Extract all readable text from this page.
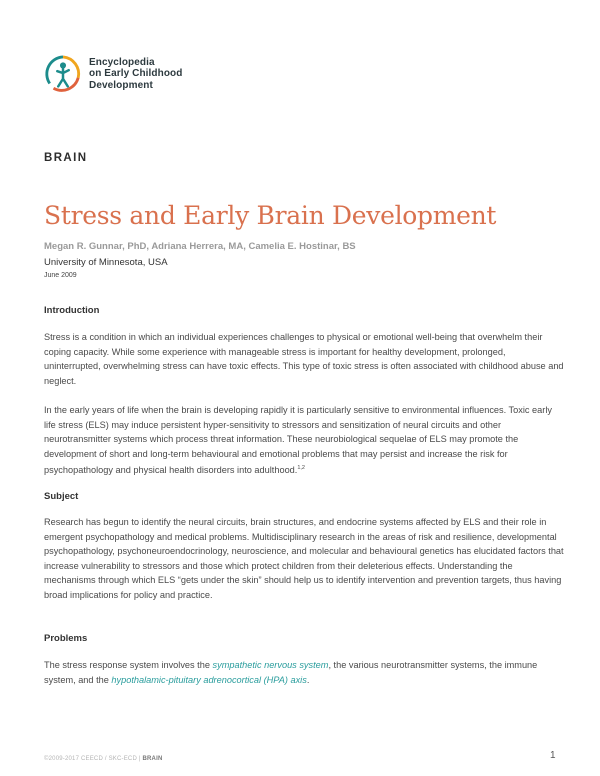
Encyclopedia
on Early Childhood
Development
BRAIN
Stress and Early Brain Development
Megan R. Gunnar, PhD, Adriana Herrera, MA, Camelia E. Hostinar, BS
University of Minnesota, USA
June 2009
Introduction

Stress is a condition in which an individual experiences challenges to physical or emotional well-being that overwhelm their coping capacity. While some experience with manageable stress is important for healthy development, prolonged, uninterrupted, overwhelming stress can have toxic effects. This type of toxic stress is often associated with childhood abuse and neglect.

In the early years of life when the brain is developing rapidly it is particularly sensitive to environmental influences. Toxic early life stress (ELS) may induce persistent hyper-sensitivity to stressors and sensitization of neural circuits and other neurotransmitter systems which process threat information. These neurobiological sequelae of ELS may promote the development of short and long-term behavioural and emotional problems that may persist and increase the risk for psychopathology and physical health disorders into adulthood.$^{1,2}$

Subject

Research has begun to identify the neural circuits, brain structures, and endocrine systems affected by ELS and their role in emergent psychopathology and medical problems. Multidisciplinary research in the areas of risk and resilience, developmental psychopathology, psychoneuroendocrinology, neuroscience, and molecular and behavioural genetics has elucidated factors that increase vulnerability to stressors and those which protect children from their deleterious effects. Understanding the mechanisms through which ELS “gets under the skin” should help us to identify intervention and prevention targets, thus having broad implications for policy and practice.

Problems

The stress response system involves the sympathetic nervous system, the various neurotransmitter systems, the immune system, and the hypothalamic-pituitary adrenocortical (HPA) axis.

©2009-2017 CEECD / SKC-ECD | BRAIN	1
